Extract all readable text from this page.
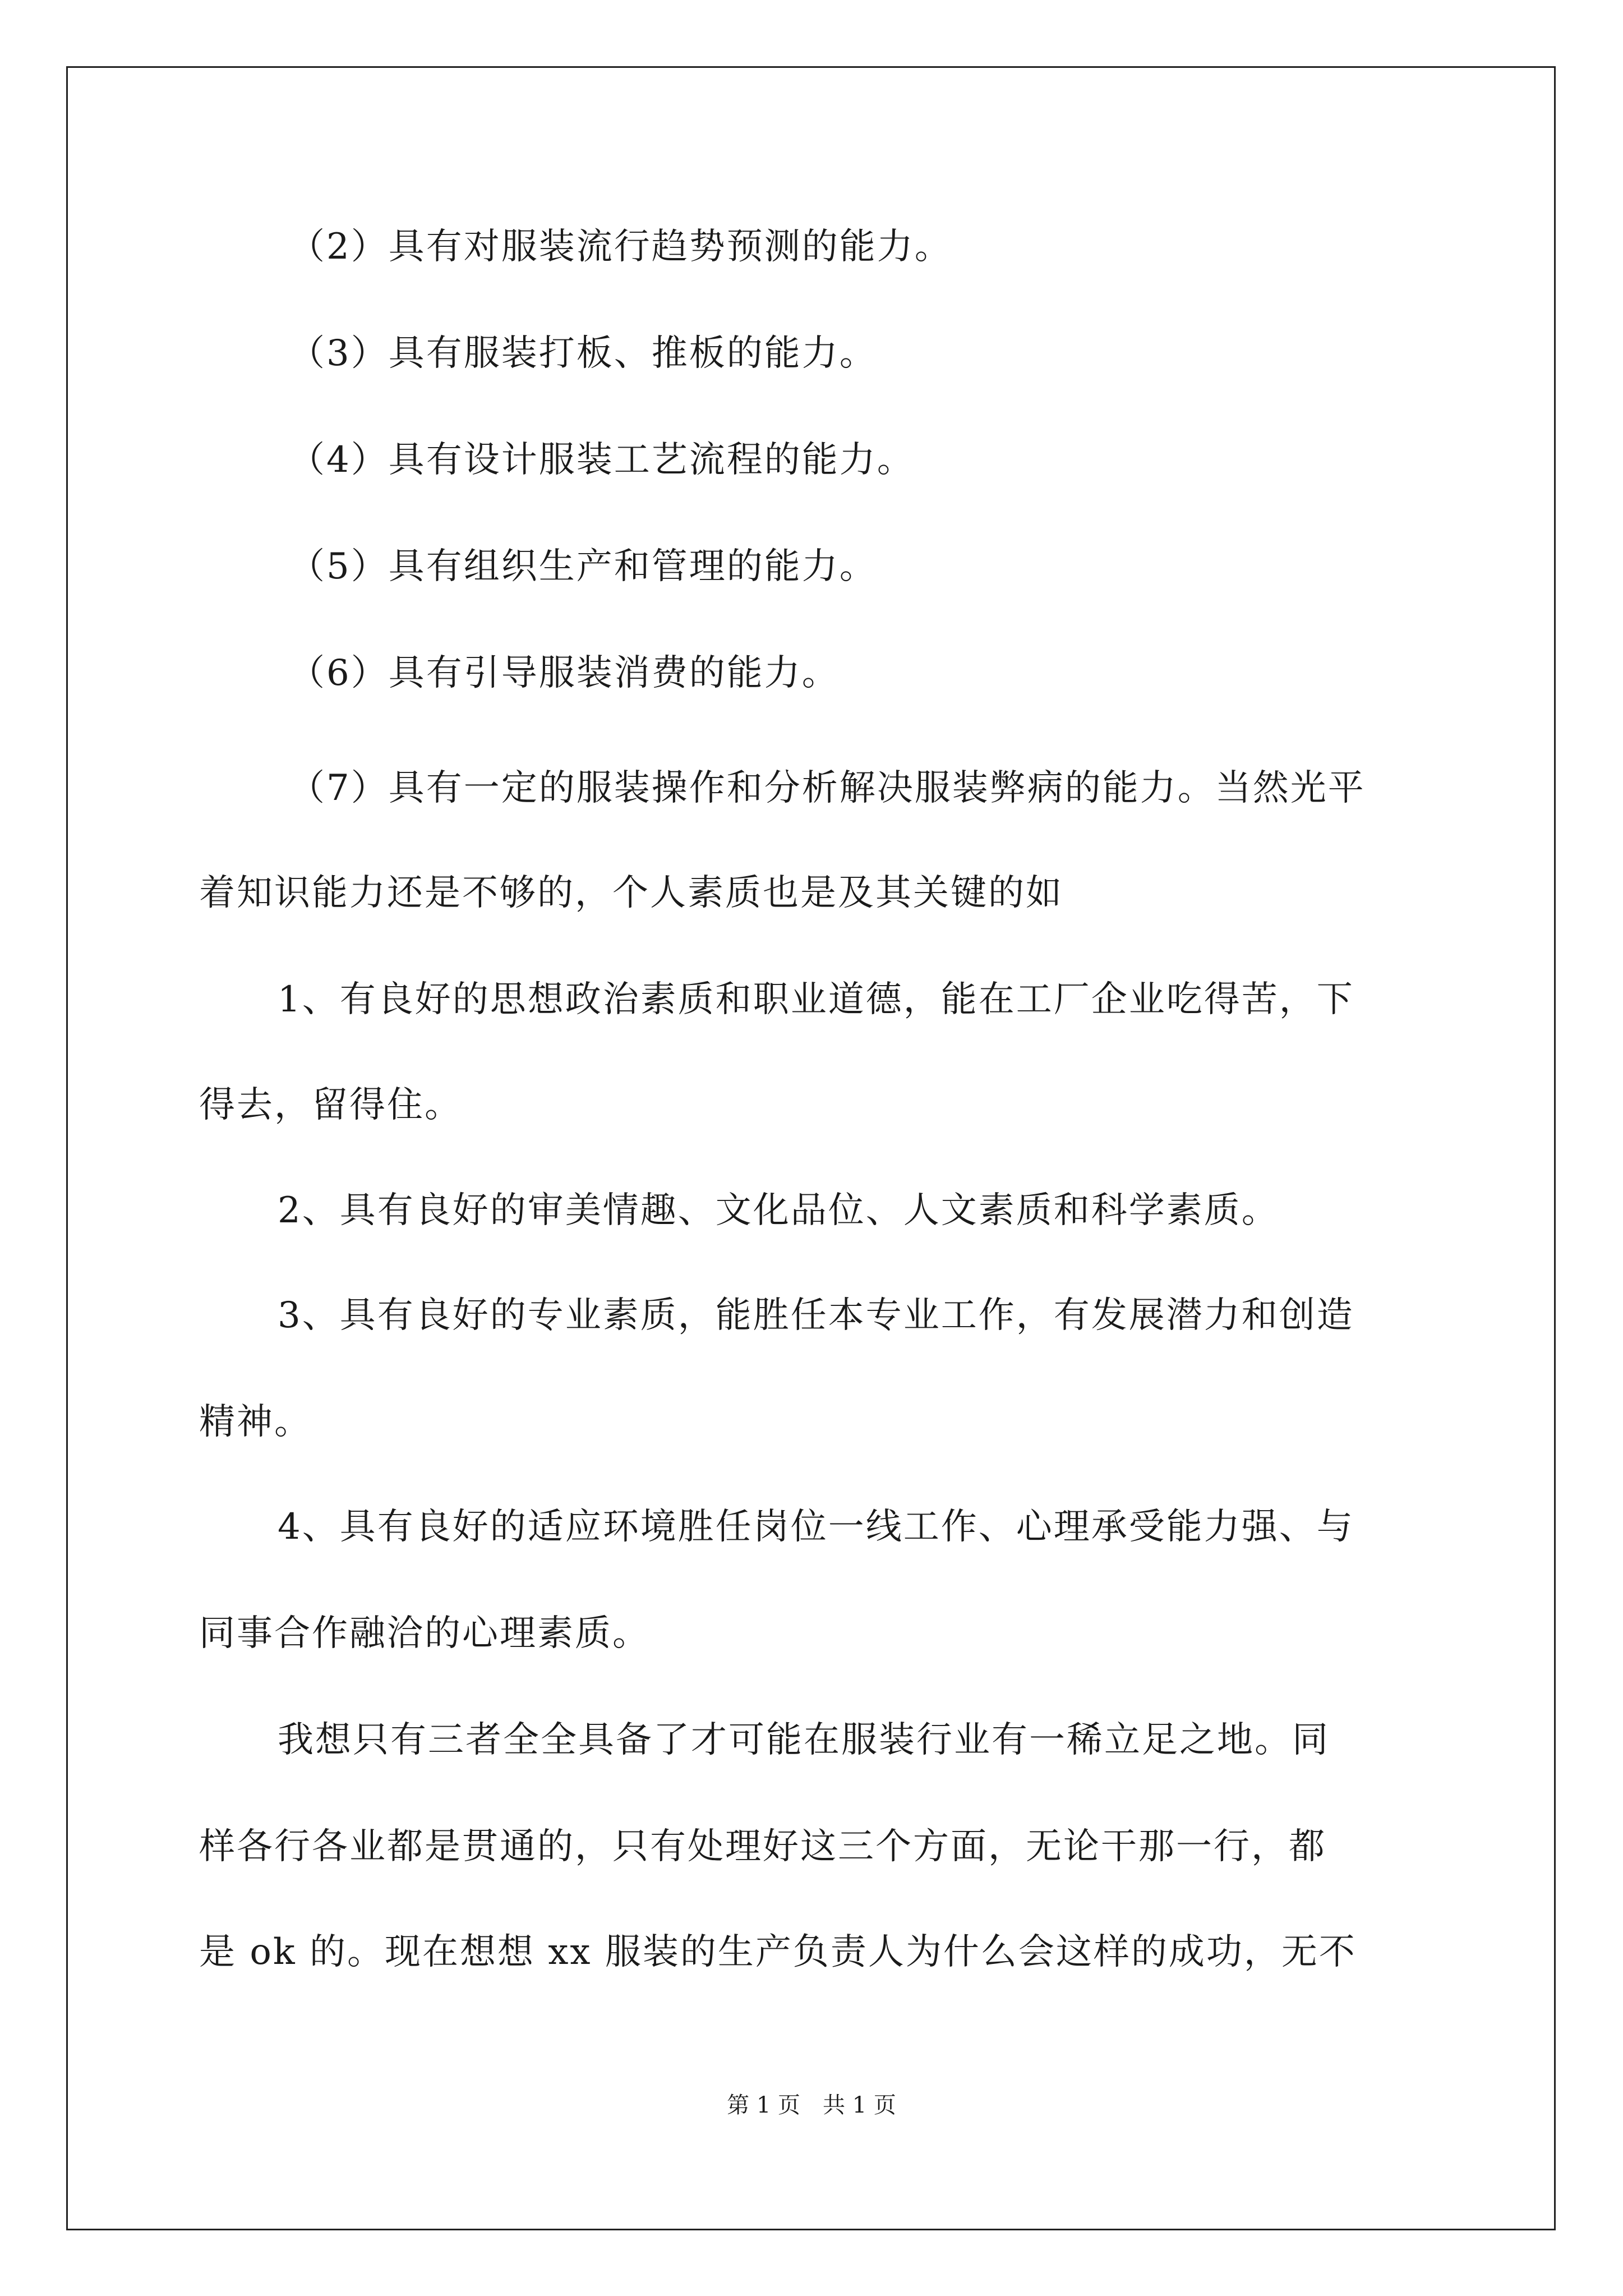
（2）具有对服装流行趋势预测的能力。

（3）具有服装打板、推板的能力。

（4）具有设计服装工艺流程的能力。

（5）具有组织生产和管理的能力。

（6）具有引导服装消费的能力。

（7）具有一定的服装操作和分析解决服装弊病的能力。当然光平

着知识能力还是不够的，个人素质也是及其关键的如

1、有良好的思想政治素质和职业道德，能在工厂企业吃得苦，下

得去，留得住。

2、具有良好的审美情趣、文化品位、人文素质和科学素质。

3、具有良好的专业素质，能胜任本专业工作，有发展潜力和创造

精神。

4、具有良好的适应环境胜任岗位一线工作、心理承受能力强、与

同事合作融洽的心理素质。

我想只有三者全全具备了才可能在服装行业有一稀立足之地。同

样各行各业都是贯通的，只有处理好这三个方面，无论干那一行，都

是 ok 的。现在想想 xx 服装的生产负责人为什么会这样的成功，无不

第 1 页　共 1 页
